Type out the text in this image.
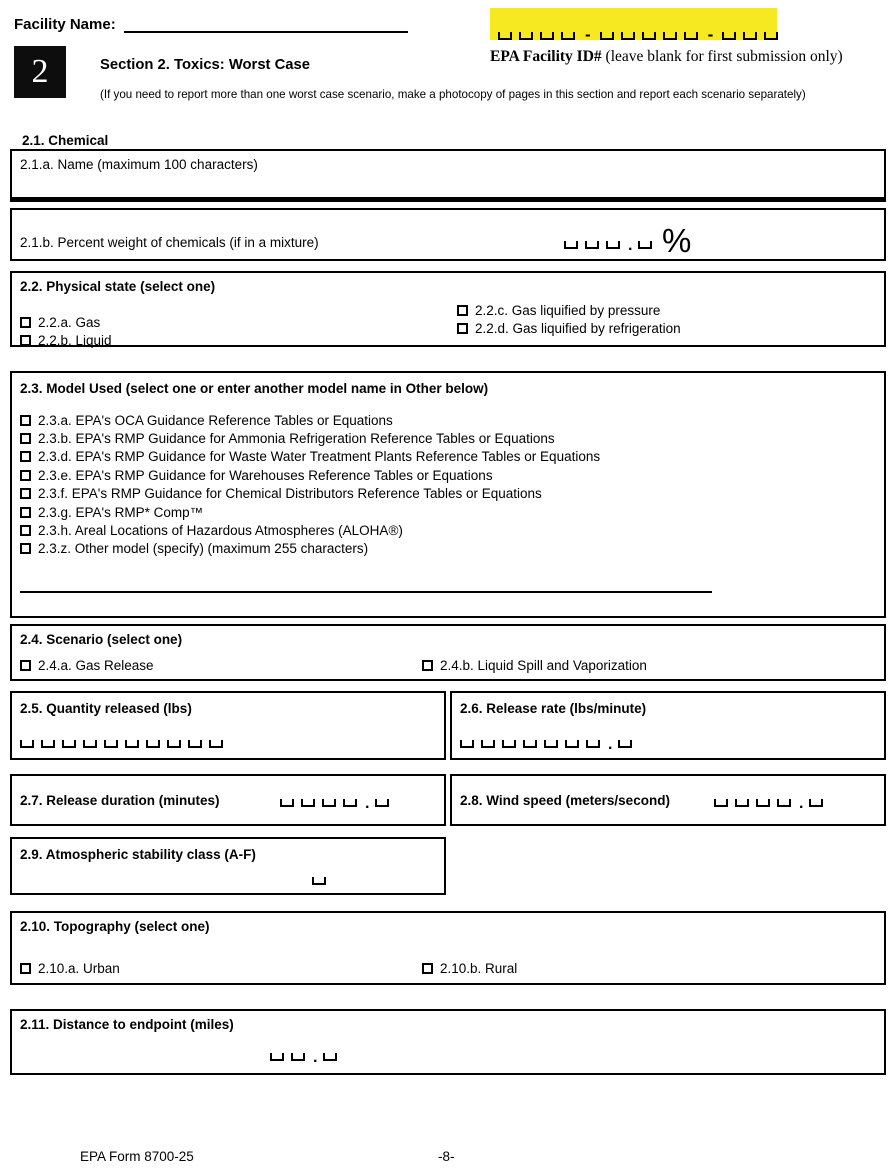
Facility Name:
-	-
EPA Facility ID# (leave blank for first submission only)
2	Section 2. Toxics: Worst Case
(If you need to report more than one worst case scenario, make a photocopy of pages in this section and report each scenario separately)
2.1. Chemical
2.1.a. Name (maximum 100 characters)
2.1.b. Percent weight of chemicals (if in a mixture)	. %
2.2. Physical state (select one)
2.2.a. Gas
2.2.b. Liquid
2.2.c. Gas liquified by pressure
2.2.d. Gas liquified by refrigeration
2.3. Model Used (select one or enter another model name in Other below)
2.3.a. EPA's OCA Guidance Reference Tables or Equations
2.3.b. EPA's RMP Guidance for Ammonia Refrigeration Reference Tables or Equations
2.3.d. EPA's RMP Guidance for Waste Water Treatment Plants Reference Tables or Equations
2.3.e. EPA's RMP Guidance for Warehouses Reference Tables or Equations
2.3.f. EPA's RMP Guidance for Chemical Distributors Reference Tables or Equations
2.3.g. EPA's RMP* Comp™
2.3.h. Areal Locations of Hazardous Atmospheres (ALOHA®)
2.3.z. Other model (specify) (maximum 255 characters)
2.4. Scenario (select one)
2.4.a. Gas Release	2.4.b. Liquid Spill and Vaporization
2.5. Quantity released (lbs)	2.6. Release rate (lbs/minute)
.
2.7. Release duration (minutes)	.	2.8. Wind speed (meters/second)	.
2.9. Atmospheric stability class (A-F)
2.10. Topography (select one)
2.10.a. Urban	2.10.b. Rural
2.11. Distance to endpoint (miles)
.
EPA Form 8700-25	-8-
